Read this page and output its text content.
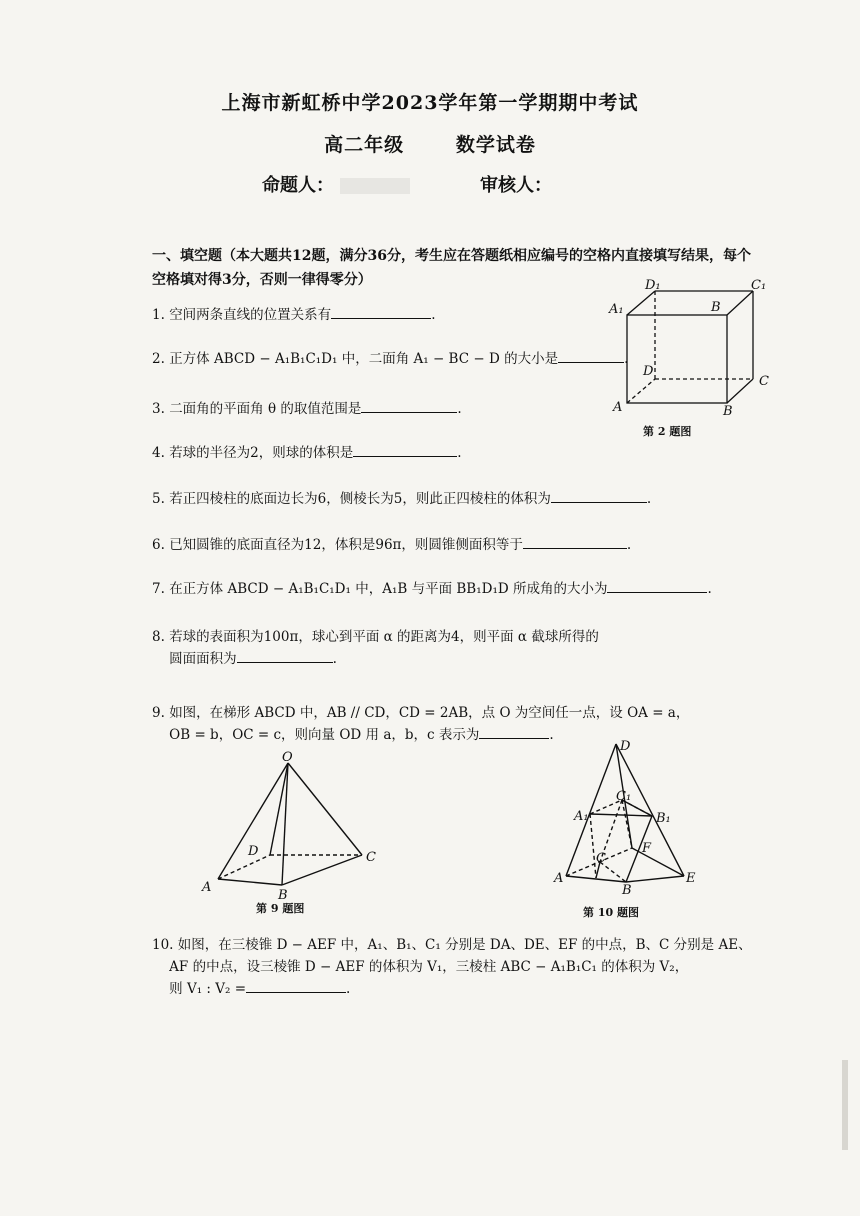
上海市新虹桥中学2023学年第一学期期中考试
高二年级	数学试卷
命题人：	审核人：
一、填空题（本大题共12题，满分36分，考生应在答题纸相应编号的空格内直接填写结果，每个空格填对得3分，否则一律得零分）
1. 空间两条直线的位置关系有	.
2. 正方体 ABCD − A₁B₁C₁D₁ 中，二面角 A₁ − BC − D 的大小是	.
3. 二面角的平面角 θ 的取值范围是	.
4. 若球的半径为2，则球的体积是	.
5. 若正四棱柱的底面边长为6，侧棱长为5，则此正四棱柱的体积为	.
6. 已知圆锥的底面直径为12，体积是96π，则圆锥侧面积等于	.
7. 在正方体 ABCD − A₁B₁C₁D₁ 中，A₁B 与平面 BB₁D₁D 所成角的大小为	.
8. 若球的表面积为100π，球心到平面 α 的距离为4，则平面 α 截球所得的
圆面面积为	.
9. 如图，在梯形 ABCD 中，AB // CD，CD = 2AB，点 O 为空间任一点，设 OA = a，
OB = b，OC = c，则向量 OD 用 a，b，c 表示为	.
10. 如图，在三棱锥 D − AEF 中，A₁、B₁、C₁ 分别是 DA、DE、EF 的中点，B、C 分别是 AE、
AF 的中点，设三棱锥 D − AEF 的体积为 V₁，三棱柱 ABC − A₁B₁C₁ 的体积为 V₂，
则 V₁ : V₂ =	.
D₁	C₁
A₁	B
D
C
A	B
第 2 题图
O
D	C
A
B
第 9 题图
D
C₁
A₁	B₁
F
C
A
B
E
第 10 题图
